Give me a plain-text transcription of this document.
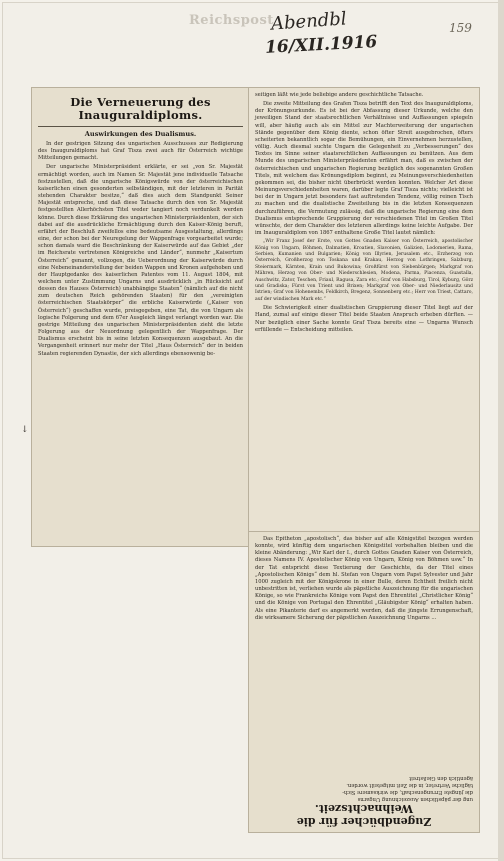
Reichspost
Abendbl
16/XII.1916
159
↓
Die Verneuerung des Inauguraldiploms.
Auswirkungen des Dualismus.

In der gestrigen Sitzung des ungarischen Ausschusses zur Redigierung des Inauguraldiploms hat Graf Tisza zwei auch für Österreich wichtige Mitteilungen gemacht.

Der ungarische Ministerpräsident erklärte, er sei „von Sr. Majestät ermächtigt worden, auch im Namen Sr. Majestät jene individuelle Tatsache festzustellen, daß die ungarische Königswürde von der österreichischen kaiserlichen einen gesonderten selbständigen, mit der letzteren in Parität stehenden Charakter besitze,“ daß dies auch dem Standpunkt Seiner Majestät entspreche, und daß diese Tatsache durch den von Sr. Majestät festgestellten Allerhöchsten Titel weder tangiert noch verdunkelt werden könne. Durch diese Erklärung des ungarischen Ministerpräsidenten, der sich dabei auf die ausdrückliche Ermächtigung durch den Kaiser-König beruft, erfährt der Beschluß zweifellos eine bedeutsame Ausgestaltung, allerdings eine, der schon bei der Neuregelung der Wappenfrage vorgearbeitet wurde; schon damals ward die Beschränkung der Kaiserwürde auf das Gebiet „der im Reichsrate vertretenen Königreiche und Länder“, nunmehr „Kaisertum Österreich“ genannt, vollzogen, die Ueberordnung der Kaiserwürde durch eine Nebeneinanderstellung der beiden Wappen und Kronen aufgehoben und der Hauptgedanke des kaiserlichen Patentes vom 11. August 1804, mit welchem unter Zustimmung Ungarns und ausdrücklich „in Rücksicht auf dessen des Hauses Österreich) unabhängige Staaten“ (nämlich auf die nicht zum deutschen Reich gehörenden Staaten) für den „vereinigten österreichischen Staatskörper“ die erbliche Kaiserwürde („Kaiser von Österreich“) geschaffen wurde, preisgegeben, eine Tat, die von Ungarn als logische Folgerung und dem 67er Ausgleich längst verlangt worden war. Die gestrige Mitteilung des ungarischen Ministerpräsidenten zieht die letzte Folgerung aus der Neuordnung gelegentlich der Wappenfrage. Der Dualismus erscheint bis in seine letzten Konsequenzen ausgebaut. An die Vergangenheit erinnert nur mehr der Titel „Haus Österreich“ der in beiden Staaten regierenden Dynastie, der sich allerdings ebensowenig be-

seitigen läßt wie jede beliebige andere geschichtliche Tatsache.

Die zweite Mitteilung des Grafen Tisza betrifft den Text des Inauguraldiploms, der Krönungsurkunde. Es ist bei der Abfassung dieser Urkunde, welche den jeweiligen Stand der staatsrechtlichen Verhältnisse und Auffassungen spiegeln will, aber häufig auch als ein Mittel zur Machterweiterung der ungarischen Stände gegenüber dem König diente, schon öfter Streit ausgebrochen, öfters scheiterten bekanntlich sogar die Bemühungen, ein Einvernehmen herzustellen, völlig. Auch diesmal suchte Ungarn die Gelegenheit zu „Verbesserungen“ des Textes im Sinne seiner staatsrechtlichen Auffassungen zu benützen. Aus dem Munde des ungarischen Ministerpräsidenten erfährt man, daß es zwischen der österreichischen und ungarischen Regierung bezüglich des sogenannten Großen Titels, mit welchem das Krönungsdiplom beginnt, zu Meinungsverschiedenheiten gekommen sei, die bisher nicht überbrückt werden konnten. Welcher Art diese Meinungsverschiedenheiten waren, darüber legte Graf Tisza nichts; vielleicht ist bei der in Ungarn jetzt besonders fast auftretenden Tendenz, völlig reinen Tisch zu machen und die dualistische Zweiteilung bis in die letzten Konsequenzen durchzuführen, die Vermutung zulässig, daß die ungarische Regierung eine dem Dualismus entsprechende Gruppierung der verschiedenen Titel im Großen Titel wünschte, der dem Charakter des letzteren allerdings keine leichte Aufgabe. Der im Inauguraldiplom von 1867 enthaltene Große Titel lautet nämlich:

„Wir Franz Josef der Erste, von Gottes Gnaden Kaiser von Österreich, apostolischer König von Ungarn, Böhmen, Dalmatien, Kroatien, Slavonien, Galizien, Lodomerien, Rama, Serbien, Kumanien und Bulgarien; König von Illyrien, Jerusalem etc., Erzherzog von Österreich, Großherzog von Toskana und Krakau, Herzog von Lothringen, Salzburg, Steiermark, Kärnten, Krain und Bukowina; Großfürst von Siebenbürgen; Markgraf von Mähren, Herzog von Ober- und Niederschlesien, Modena, Parma, Piacenza, Guastalla, Auschwitz, Zator, Teschen, Friaul, Ragusa, Zara etc.; Graf von Habsburg, Tirol, Kyburg, Görz und Gradiska; Fürst von Trient und Brixen; Markgraf von Ober- und Niederlausitz und Istrien; Graf von Hohenembs, Feldkirch, Bregenz, Sonnenberg etc.; Herr von Triest, Cattaro, auf der windischen Mark etc.“

Die Schwierigkeit einer dualistischen Gruppierung dieser Titel liegt auf der Hand, zumal auf einige dieser Titel beide Staaten Anspruch erheben dürften. — Nur bezüglich einer Sache konnte Graf Tisza bereits eine — Ungarns Wunsch erfüllende — Entscheidung mitteilen.

Das Epitheton „apostolisch“, das bisher auf alle Königstitel bezogen werden konnte, wird künftig dem ungarischen Königstitel vorbehalten bleiben und die kleine Abänderung: „Wir Karl der I., durch Gottes Gnaden Kaiser von Österreich, dieses Namens IV. Apostolischer König von Ungarn, König von Böhmen usw.“ In der Tat entspricht diese Textierung der Geschichte, da der Titel eines „Apostolischen Königs“ dem hl. Stefan von Ungarn vom Papst Sylvester und Jahr 1000 zugleich mit der Königskrone in einer Bulle, deren Echtheit freilich nicht unbestritten ist, verliehen wurde als päpstliche Auszeichnung für die ungarischen Könige, so wie Frankreichs Könige vom Papst den Ehrentitel „Christlicher König“ und die Könige von Portugal den Ehrentitel „Gläubigster König“ erhalten haben. Als eine Pikanterie darf es angemerkt werden, daß die jüngste Errungenschaft, die wirksamere Sicherung der päpstlichen Auszeichnung Ungarns ...

Zugendbücher für die Weihnachtszeit.
ung der päpstlichen Auszeichnung Ungarns
die jüngste Errungenschaft, die wirksamere Sich-
tägliche Vertreter, in die Zeit mitgeteilt worden.
ägentlich den Gießstreit
